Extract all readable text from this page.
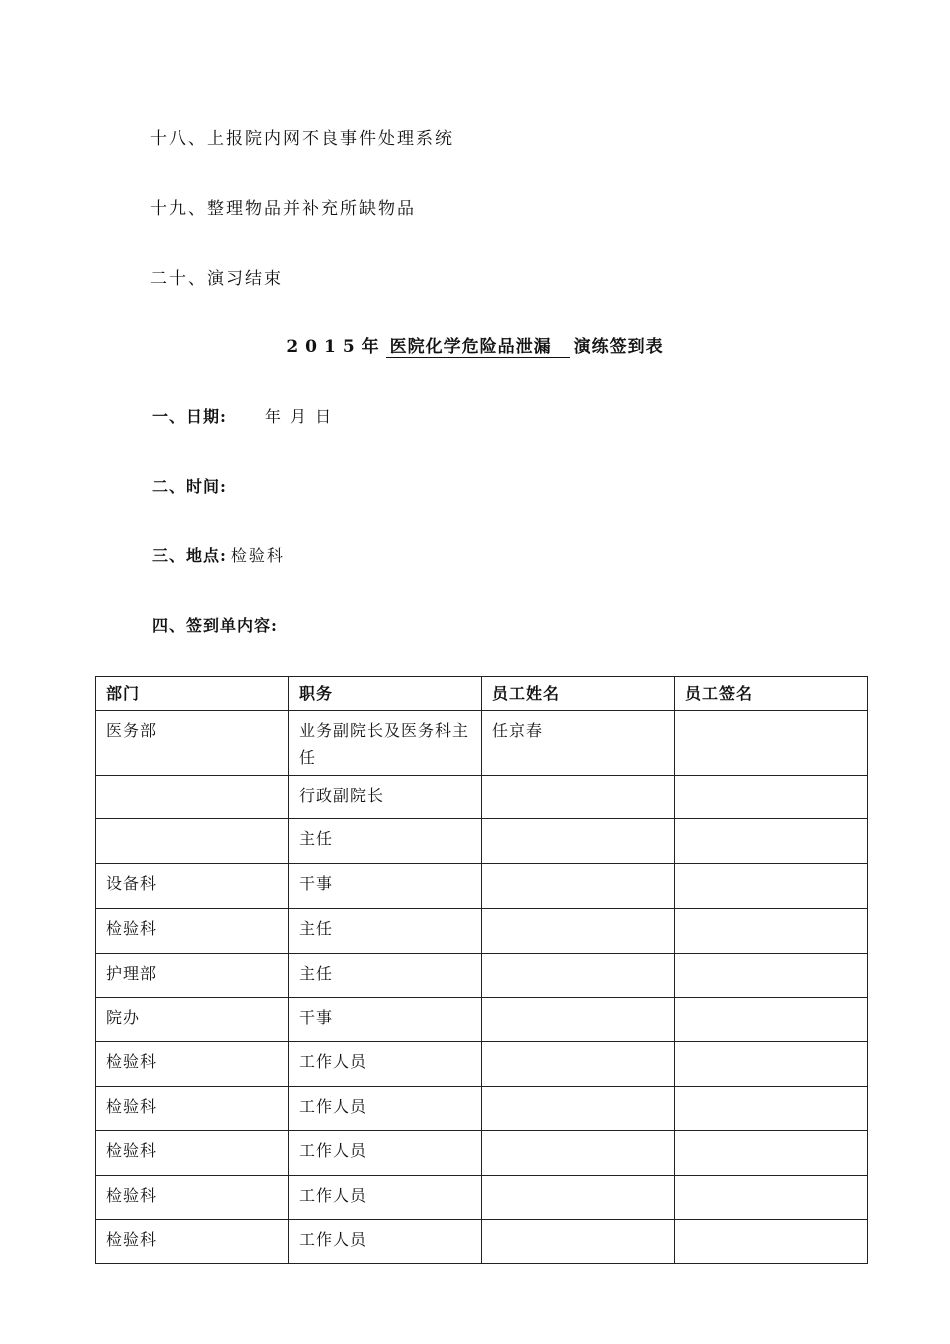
十八、上报院内网不良事件处理系统

十九、整理物品并补充所缺物品

二十、演习结束

2015年 医院化学危险品泄漏 演练签到表

一、日期: 年 月 日

二、时间:

三、地点: 检验科

四、签到单内容:

部门	职务	员工姓名	员工签名
医务部	业务副院长及医务科主任	任京春	
	行政副院长		
	主任		
设备科	干事		
检验科	主任		
护理部	主任		
院办	干事		
检验科	工作人员		
检验科	工作人员		
检验科	工作人员		
检验科	工作人员		
检验科	工作人员		
